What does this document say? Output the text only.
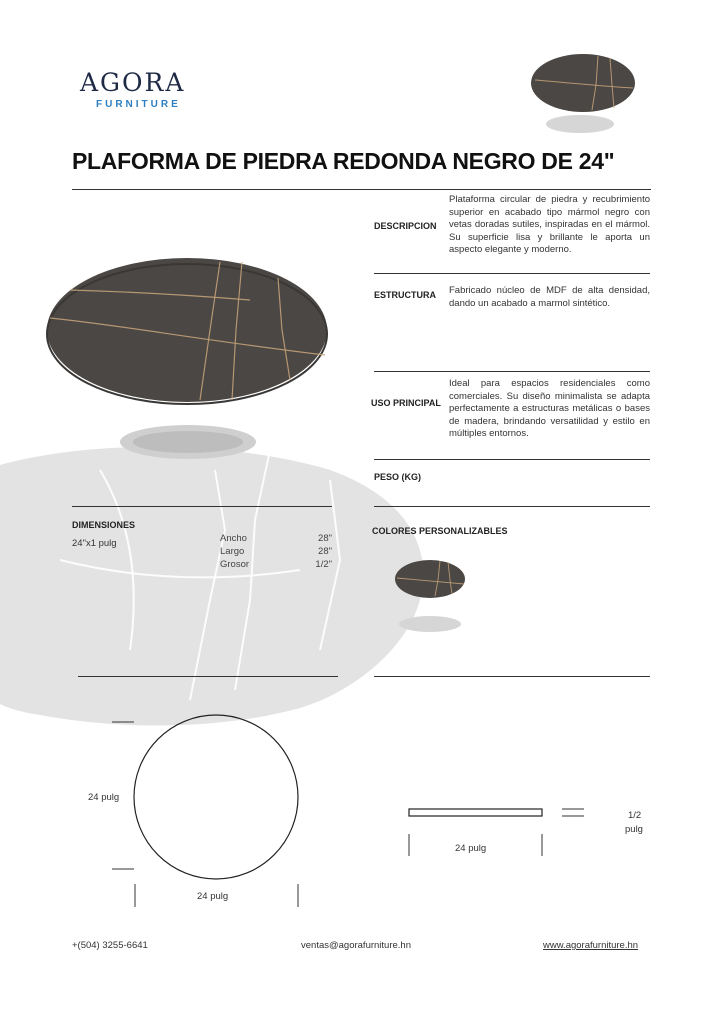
AGORA
FURNITURE
PLAFORMA DE PIEDRA REDONDA NEGRO DE 24"
DESCRIPCION
Plataforma circular de piedra y recubrimiento superior en acabado tipo mármol negro con vetas doradas sutiles, inspiradas en el mármol. Su superficie lisa y brillante le aporta un aspecto elegante y moderno.
ESTRUCTURA Fabricado núcleo de MDF de alta densidad, dando un acabado a marmol sintético.
USO PRINCIPAL
Ideal para espacios residenciales como comerciales. Su diseño minimalista se adapta perfectamente a estructuras metálicas o bases de madera, brindando versatilidad y estilo en múltiples entornos.
PESO (KG)
COLORES PERSONALIZABLES
DIMENSIONES
24"x1 pulg	Ancho	28"
Largo	28"
Grosor	1/2"
24 pulg
24 pulg
24 pulg
1/2
pulg
+(504) 3255-6641	ventas@agorafurniture.hn	www.agorafurniture.hn
